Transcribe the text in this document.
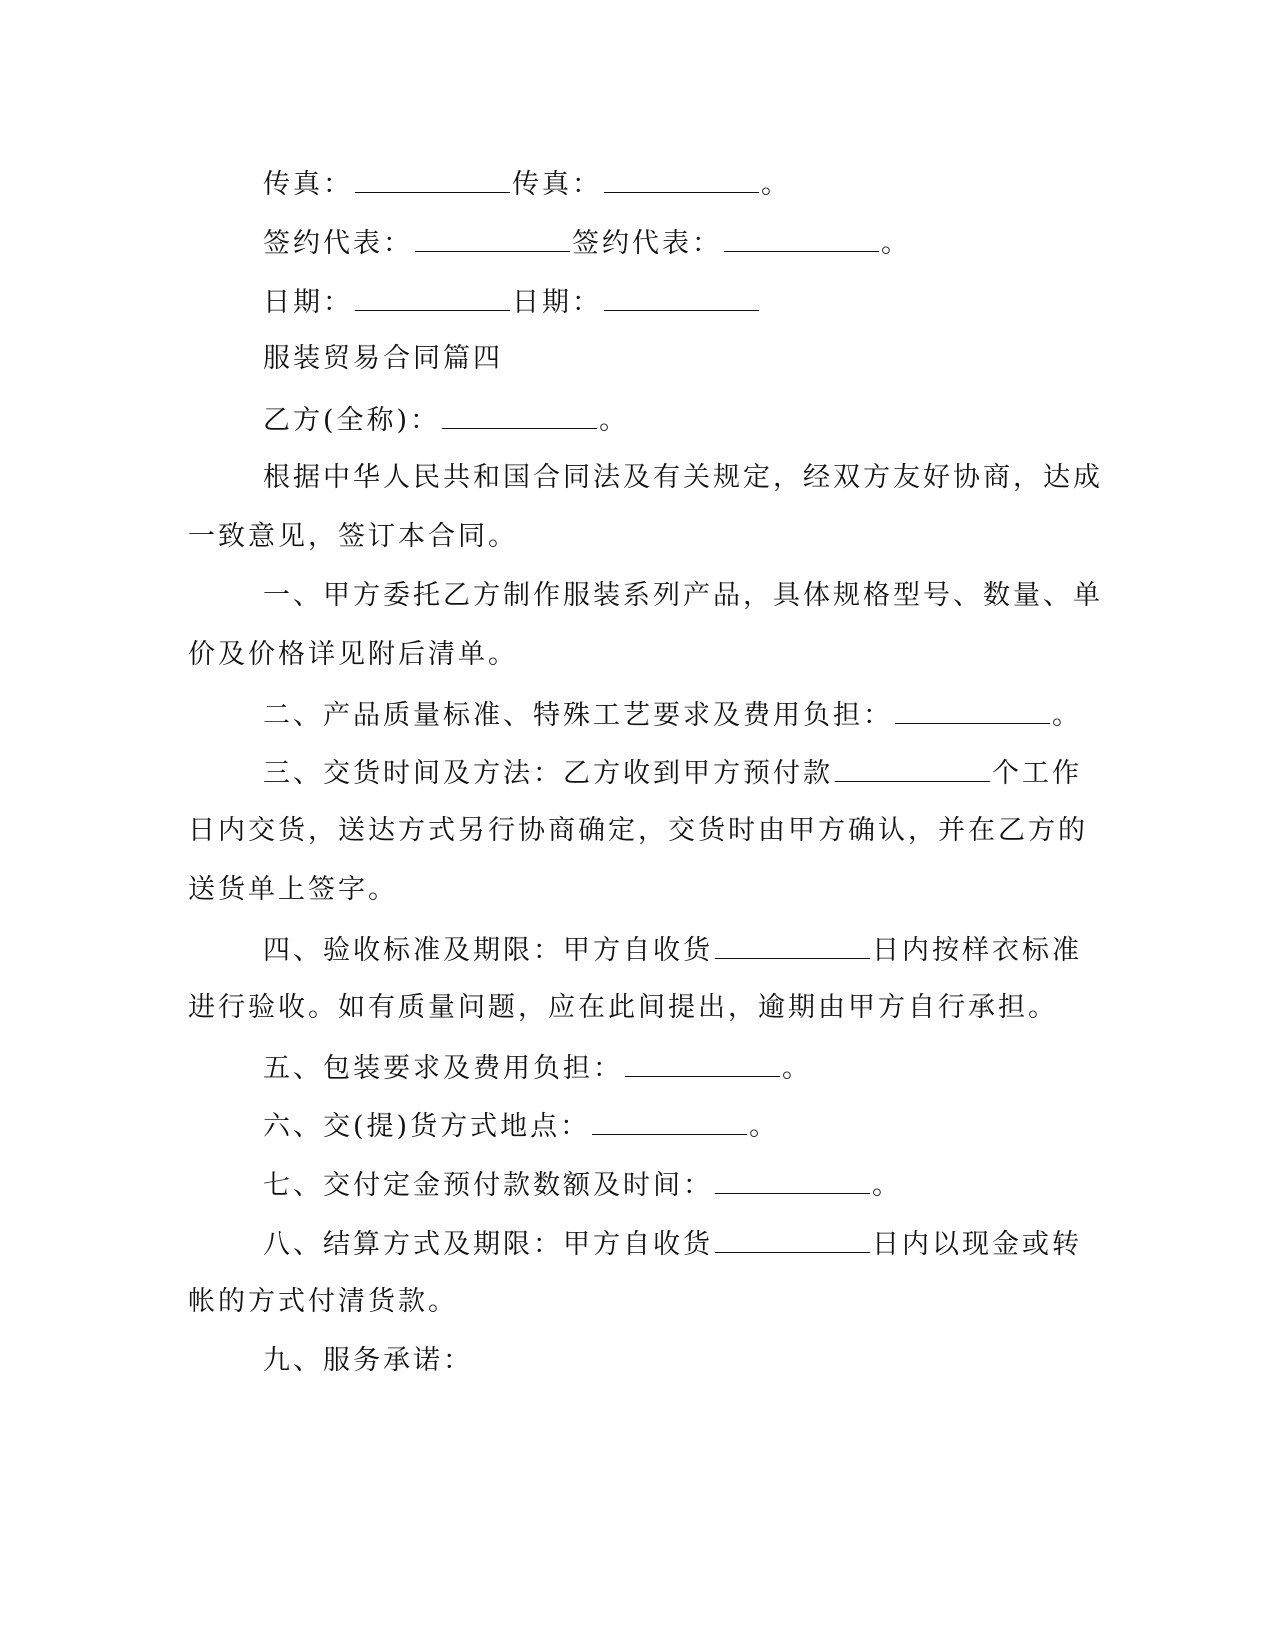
传真：	传真：	。
签约代表：	签约代表：	。
日期：	日期：
服装贸易合同篇四
乙方(全称)：	。
根据中华人民共和国合同法及有关规定，经双方友好协商，达成
一致意见，签订本合同。
一、甲方委托乙方制作服装系列产品，具体规格型号、数量、单
价及价格详见附后清单。
二、产品质量标准、特殊工艺要求及费用负担：	。
三、交货时间及方法：乙方收到甲方预付款	个工作
日内交货，送达方式另行协商确定，交货时由甲方确认，并在乙方的
送货单上签字。
四、验收标准及期限：甲方自收货	日内按样衣标准
进行验收。如有质量问题，应在此间提出，逾期由甲方自行承担。
五、包装要求及费用负担：	。
六、交(提)货方式地点：	。
七、交付定金预付款数额及时间：	。
八、结算方式及期限：甲方自收货	日内以现金或转
帐的方式付清货款。
九、服务承诺：
